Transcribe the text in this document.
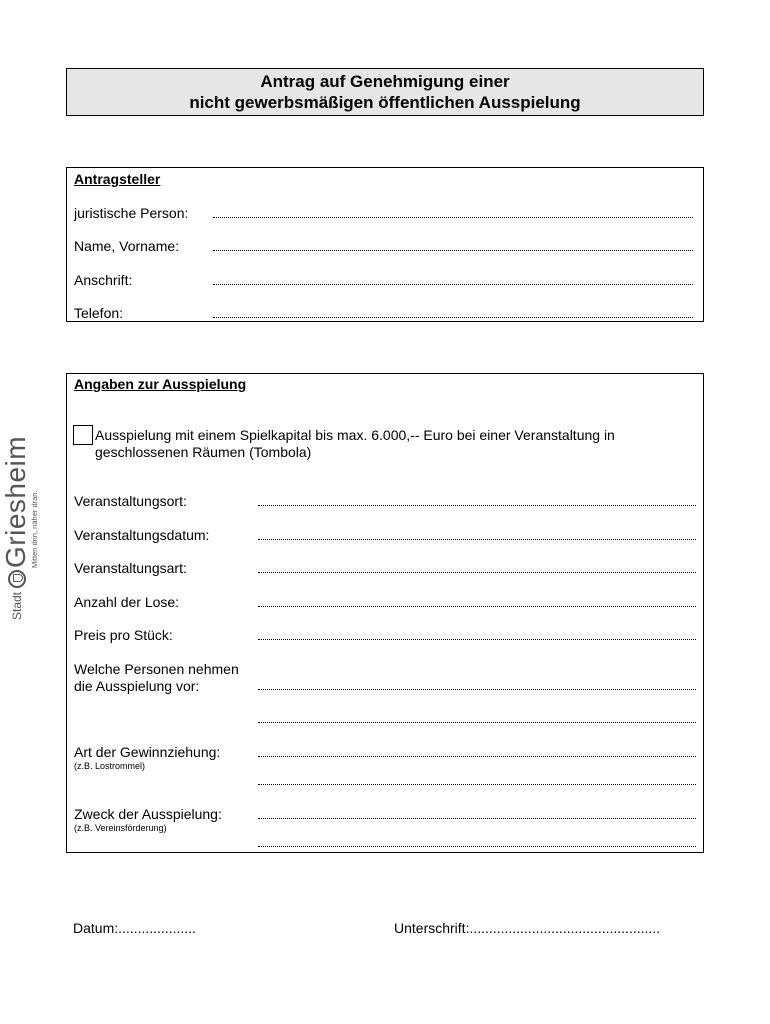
Stadt
Griesheim Mitten drin, näher dran.
Antrag auf Genehmigung einer
nicht gewerbsmäßigen öffentlichen Ausspielung
Antragsteller
juristische Person:
Name, Vorname:
Anschrift:
Telefon:
Angaben zur Ausspielung
Ausspielung mit einem Spielkapital bis max. 6.000,-- Euro bei einer Veranstaltung in
geschlossenen Räumen (Tombola)
Veranstaltungsort:
Veranstaltungsdatum:
Veranstaltungsart:
Anzahl der Lose:
Preis pro Stück:
Welche Personen nehmen
die Ausspielung vor:
Art der Gewinnziehung:
(z.B. Lostrommel)
Zweck der Ausspielung:
(z.B. Vereinsförderung)
Datum:....................	Unterschrift:.................................................
